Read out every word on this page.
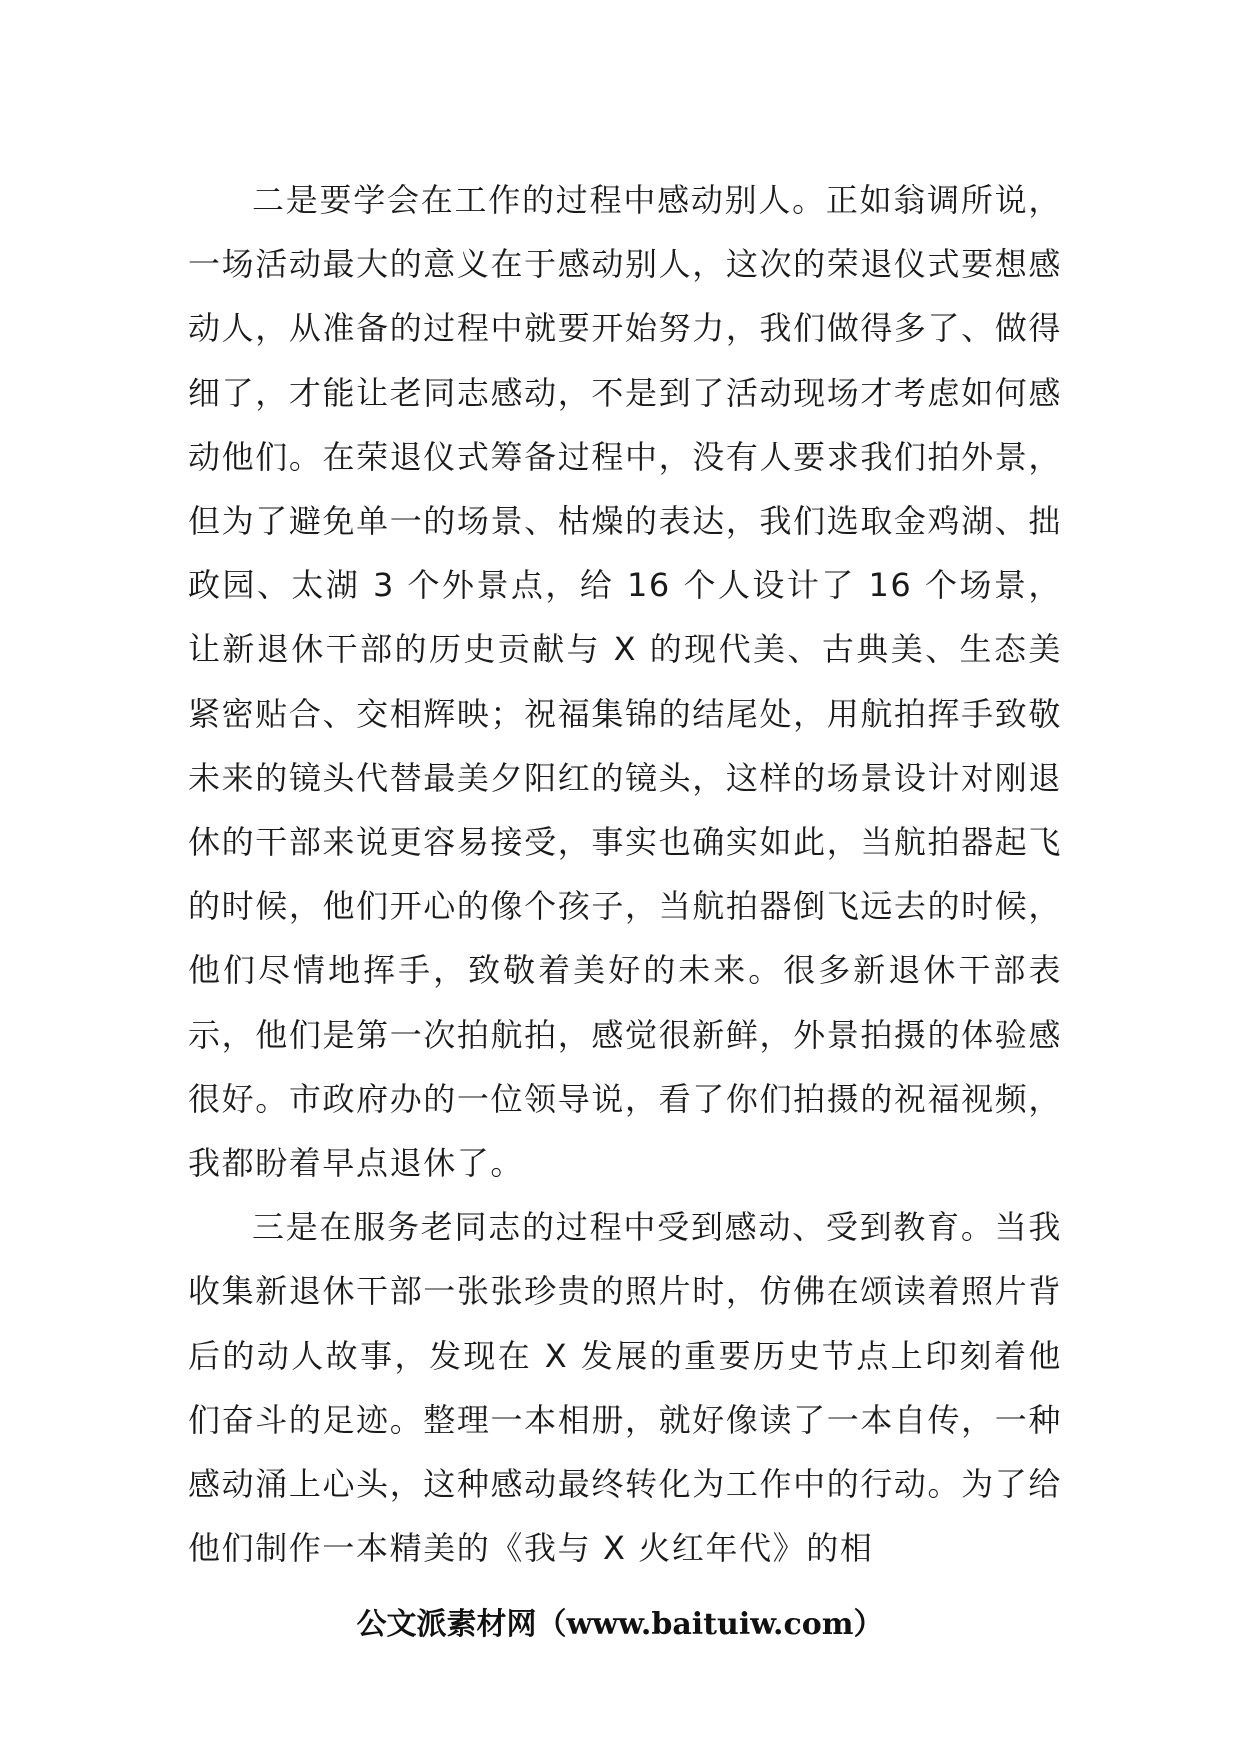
二是要学会在工作的过程中感动别人。正如翁调所说，一场活动最大的意义在于感动别人，这次的荣退仪式要想感动人，从准备的过程中就要开始努力，我们做得多了、做得细了，才能让老同志感动，不是到了活动现场才考虑如何感动他们。在荣退仪式筹备过程中，没有人要求我们拍外景，但为了避免单一的场景、枯燥的表达，我们选取金鸡湖、拙政园、太湖 3 个外景点，给 16 个人设计了 16 个场景，让新退休干部的历史贡献与 X 的现代美、古典美、生态美紧密贴合、交相辉映；祝福集锦的结尾处，用航拍挥手致敬未来的镜头代替最美夕阳红的镜头，这样的场景设计对刚退休的干部来说更容易接受，事实也确实如此，当航拍器起飞的时候，他们开心的像个孩子，当航拍器倒飞远去的时候，他们尽情地挥手，致敬着美好的未来。很多新退休干部表示，他们是第一次拍航拍，感觉很新鲜，外景拍摄的体验感很好。市政府办的一位领导说，看了你们拍摄的祝福视频，我都盼着早点退休了。

三是在服务老同志的过程中受到感动、受到教育。当我收集新退休干部一张张珍贵的照片时，仿佛在颂读着照片背后的动人故事，发现在 X 发展的重要历史节点上印刻着他们奋斗的足迹。整理一本相册，就好像读了一本自传，一种感动涌上心头，这种感动最终转化为工作中的行动。为了给他们制作一本精美的《我与 X 火红年代》的相

公文派素材网（www.baituiw.com）
